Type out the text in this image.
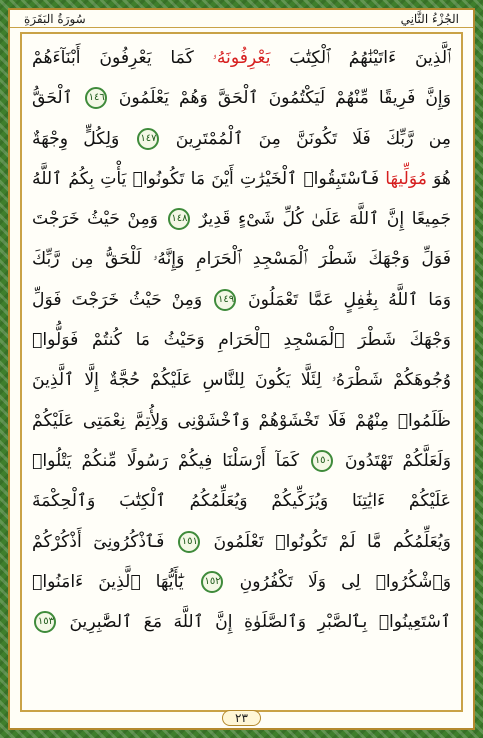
سُورَةُ البَقَرَةِ	الجُزْءُ الثَّانِي
ٱلَّذِينَ ءَاتَيْنَٰهُمُ ٱلْكِتَٰبَ يَعْرِفُونَهُۥ كَمَا يَعْرِفُونَ أَبْنَآءَهُمْ
وَإِنَّ فَرِيقًا مِّنْهُمْ لَيَكْتُمُونَ ٱلْحَقَّ وَهُمْ يَعْلَمُونَ ١٤٦ ٱلْحَقُّ
مِن رَّبِّكَ فَلَا تَكُونَنَّ مِنَ ٱلْمُمْتَرِينَ ١٤٧ وَلِكُلٍّ وِجْهَةٌ
هُوَ مُوَلِّيهَا فَٱسْتَبِقُوا۟ ٱلْخَيْرَٰتِ أَيْنَ مَا تَكُونُوا۟ يَأْتِ بِكُمُ ٱللَّهُ
جَمِيعًا إِنَّ ٱللَّهَ عَلَىٰ كُلِّ شَىْءٍ قَدِيرٌ ١٤٨ وَمِنْ حَيْثُ خَرَجْتَ
فَوَلِّ وَجْهَكَ شَطْرَ ٱلْمَسْجِدِ ٱلْحَرَامِ وَإِنَّهُۥ لَلْحَقُّ مِن رَّبِّكَ
وَمَا ٱللَّهُ بِغَٰفِلٍ عَمَّا تَعْمَلُونَ ١٤٩ وَمِنْ حَيْثُ خَرَجْتَ فَوَلِّ
وَجْهَكَ شَطْرَ ٱلْمَسْجِدِ ٱلْحَرَامِ وَحَيْثُ مَا كُنتُمْ فَوَلُّوا۟
وُجُوهَكُمْ شَطْرَهُۥ لِئَلَّا يَكُونَ لِلنَّاسِ عَلَيْكُمْ حُجَّةٌ إِلَّا ٱلَّذِينَ
ظَلَمُوا۟ مِنْهُمْ فَلَا تَخْشَوْهُمْ وَٱخْشَوْنِى وَلِأُتِمَّ نِعْمَتِى عَلَيْكُمْ
وَلَعَلَّكُمْ تَهْتَدُونَ ١٥٠ كَمَآ أَرْسَلْنَا فِيكُمْ رَسُولًا مِّنكُمْ يَتْلُوا۟
عَلَيْكُمْ ءَايَٰتِنَا وَيُزَكِّيكُمْ وَيُعَلِّمُكُمُ ٱلْكِتَٰبَ وَٱلْحِكْمَةَ
وَيُعَلِّمُكُم مَّا لَمْ تَكُونُوا۟ تَعْلَمُونَ ١٥١ فَٱذْكُرُونِىٓ أَذْكُرْكُمْ
وَٱشْكُرُوا۟ لِى وَلَا تَكْفُرُونِ ١٥٢ يَٰٓأَيُّهَا ٱلَّذِينَ ءَامَنُوا۟
ٱسْتَعِينُوا۟ بِٱلصَّبْرِ وَٱلصَّلَوٰةِ إِنَّ ٱللَّهَ مَعَ ٱلصَّٰبِرِينَ ١٥٣
٢٣
